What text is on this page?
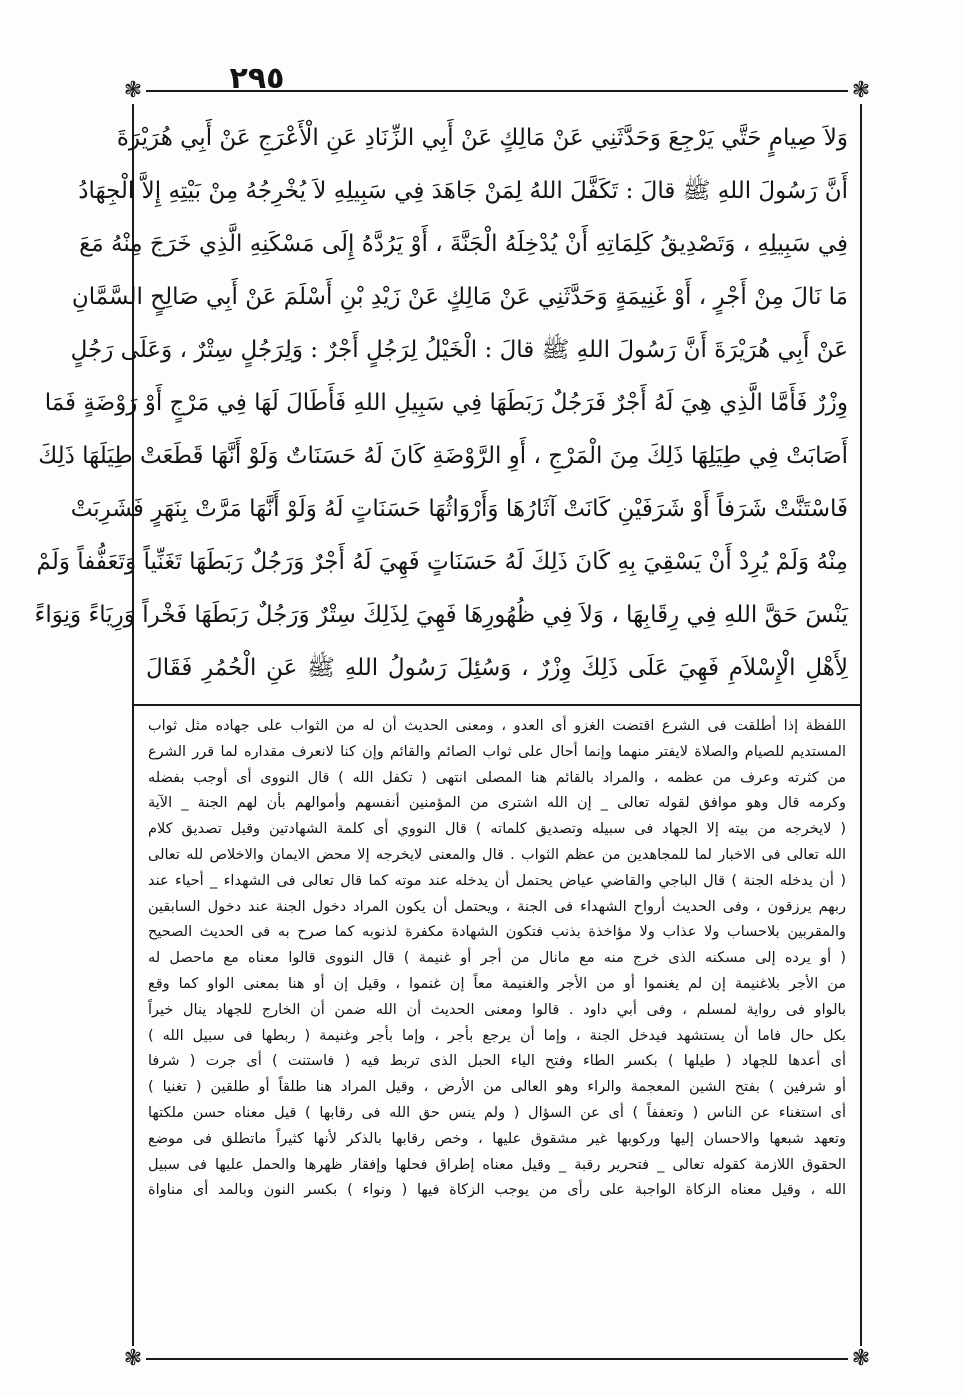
٢٩٥
❃	❃
❃	❃
وَلاَ صِيامٍ حَتَّي يَرْجِعَ وَحَدَّثَنِي عَنْ مَالِكٍ عَنْ أَبِي الزِّنَادِ عَنِ الْأَعْرَجِ عَنْ أَبِي هُرَيْرَةَ
أَنَّ رَسُولَ اللهِ ﷺ قالَ : تَكَفَّلَ اللهُ لِمَنْ جَاهَدَ فِي سَبِيلِهِ لاَ يُخْرِجُهُ مِنْ بَيْتِهِ إِلاَّ الْجِهَادُ
فِي سَبِيلِهِ ، وَتَصْدِيقُ كَلِمَاتِهِ أَنْ يُدْخِلَهُ الْجَنَّةَ ، أَوْ يَرُدَّهُ إِلَى مَسْكَنِهِ الَّذِي خَرَجَ مِنْهُ مَعَ
مَا نَالَ مِنْ أَجْرٍ ، أَوْ غَنِيمَةٍ وَحَدَّثَنِي عَنْ مَالِكٍ عَنْ زَيْدِ بْنِ أَسْلَمَ عَنْ أَبِي صَالِحٍ السَّمَّانِ
عَنْ أَبِي هُرَيْرَةَ أَنَّ رَسُولَ اللهِ ﷺ قالَ : الْخَيْلُ لِرَجُلٍ أَجْرٌ : وَلِرَجُلٍ سِتْرٌ ، وَعَلَى رَجُلٍ
وِزْرٌ فَأَمَّا الَّذِي هِيَ لَهُ أَجْرٌ فَرَجُلٌ رَبَطَهَا فِي سَبِيلِ اللهِ فَأَطَالَ لَهَا فِي مَرْجٍ أَوْ رَوْضَةٍ فَمَا
أَصَابَتْ فِي طِيَلِهَا ذَلِكَ مِنَ الْمَرْجِ ، أَوِ الرَّوْضَةِ كَانَ لَهُ حَسَنَاتٌ وَلَوْ أَنَّهَا قَطَعَتْ طِيَلَهَا ذَلِكَ
فَاسْتَنَّتْ شَرَفاً أَوْ شَرَفَيْنِ كَانَتْ آثَارُهَا وَأَرْوَاثُهَا حَسَنَاتٍ لَهُ وَلَوْ أَنَّهَا مَرَّتْ بِنَهَرٍ فَشَرِبَتْ
مِنْهُ وَلَمْ يُرِدْ أَنْ يَسْقِيَ بِهِ كَانَ ذَلِكَ لَهُ حَسَنَاتٍ فَهِيَ لَهُ أَجْرٌ وَرَجُلٌ رَبَطَهَا تَغَنِّياً وَتَعَفُّفاً وَلَمْ
يَنْسَ حَقَّ اللهِ فِي رِقَابِهَا ، وَلاَ فِي ظُهُورِهَا فَهِيَ لِذَلِكَ سِتْرٌ وَرَجُلٌ رَبَطَهَا فَخْراً وَرِيَاءً وَنِوَاءً
لِأَهْلِ الْإِسْلاَمِ فَهِيَ عَلَى ذَلِكَ وِزْرٌ ، وَسُئِلَ رَسُولُ اللهِ ﷺ عَنِ الْحُمُرِ فَقَالَ
اللفظة إذا أطلقت فى الشرع اقتضت الغزو أى العدو ، ومعنى الحديث أن له من الثواب على جهاده مثل ثواب
المستديم للصيام والصلاة لايفتر منهما وإنما أحال على ثواب الصائم والقائم وإن كنا لانعرف مقداره لما قرر الشرع
من كثرته وعرف من عظمه ، والمراد بالقائم هنا المصلى انتهى ( تكفل الله ) قال النووى أى أوجب بفضله
وكرمه قال وهو موافق لقوله تعالى _ إن الله اشترى من المؤمنين أنفسهم وأموالهم بأن لهم الجنة _ الآية
( لايخرجه من بيته إلا الجهاد فى سبيله وتصديق كلماته ) قال النووي أى كلمة الشهادتين وقيل تصديق كلام
الله تعالى فى الاخبار لما للمجاهدين من عظم الثواب . قال والمعنى لايخرجه إلا محض الايمان والاخلاص لله تعالى
( أن يدخله الجنة ) قال الباجي والقاضي عياض يحتمل أن يدخله عند موته كما قال تعالى فى الشهداء _ أحياء عند
ربهم يرزقون ، وفى الحديث أرواح الشهداء فى الجنة ، ويحتمل أن يكون المراد دخول الجنة عند دخول السابقين
والمقربين بلاحساب ولا عذاب ولا مؤاخذة بذنب فتكون الشهادة مكفرة لذنوبه كما صرح به فى الحديث الصحيح
( أو يرده إلى مسكنه الذى خرج منه مع مانال من أجر أو غنيمة ) قال النووى قالوا معناه مع ماحصل له
من الأجر بلاغنيمة إن لم يغنموا أو من الأجر والغنيمة معاً إن غنموا ، وقيل إن أو هنا بمعنى الواو كما وقع
بالواو فى رواية لمسلم ، وفى أبي داود . قالوا ومعنى الحديث أن الله ضمن أن الخارج للجهاد ينال خيراً
بكل حال فاما أن يستشهد فيدخل الجنة ، وإما أن يرجع بأجر ، وإما بأجر وغنيمة ( ربطها فى سبيل الله )
أى أعدها للجهاد ( طيلها ) بكسر الطاء وفتح الياء الحبل الذى تربط فيه ( فاستنت ) أى جرت ( شرفا
أو شرفين ) بفتح الشين المعجمة والراء وهو العالى من الأرض ، وقيل المراد هنا طلقاً أو طلقين ( تغنيا )
أى استغناء عن الناس ( وتعففاً ) أى عن السؤال ( ولم ينس حق الله فى رقابها ) قيل معناه حسن ملكتها
وتعهد شبعها والاحسان إليها وركوبها غير مشقوق عليها ، وخص رقابها بالذكر لأنها كثيراً ماتطلق فى موضع
الحقوق اللازمة كقوله تعالى _ فتحرير رقبة _ وقيل معناه إطراق فحلها وإفقار ظهرها والحمل عليها فى سبيل
الله ، وقيل معناه الزكاة الواجبة على رأى من يوجب الزكاة فيها ( ونواء ) بكسر النون وبالمد أى مناواة
